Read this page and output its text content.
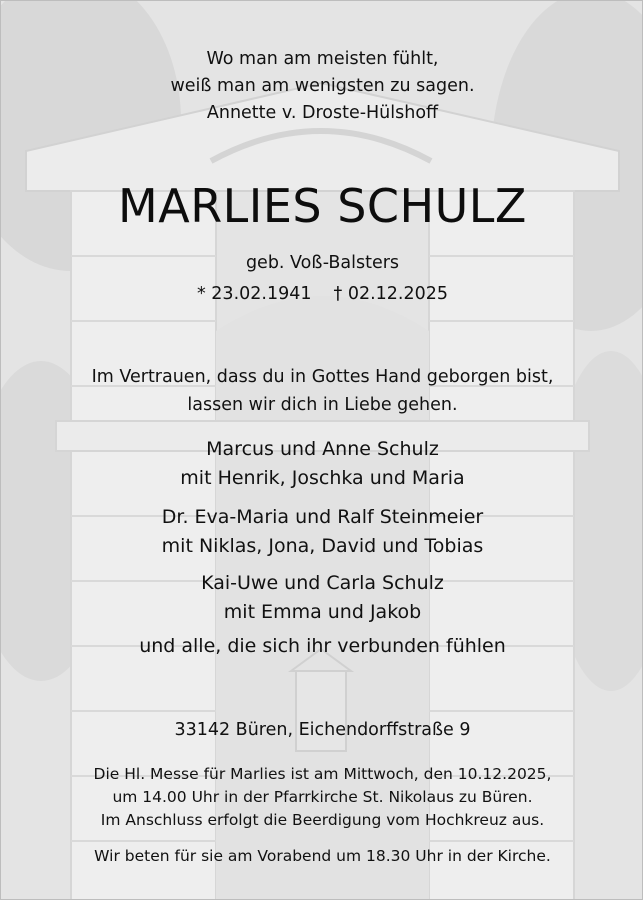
Wo man am meisten fühlt,
weiß man am wenigsten zu sagen.
Annette v. Droste-Hülshoff
MARLIES SCHULZ
geb. Voß-Balsters
* 23.02.1941 † 02.12.2025
Im Vertrauen, dass du in Gottes Hand geborgen bist,
lassen wir dich in Liebe gehen.
Marcus und Anne Schulz
mit Henrik, Joschka und Maria
Dr. Eva-Maria und Ralf Steinmeier
mit Niklas, Jona, David und Tobias
Kai-Uwe und Carla Schulz
mit Emma und Jakob
und alle, die sich ihr verbunden fühlen
33142 Büren, Eichendorffstraße 9
Die Hl. Messe für Marlies ist am Mittwoch, den 10.12.2025,
um 14.00 Uhr in der Pfarrkirche St. Nikolaus zu Büren.
Im Anschluss erfolgt die Beerdigung vom Hochkreuz aus.
Wir beten für sie am Vorabend um 18.30 Uhr in der Kirche.
